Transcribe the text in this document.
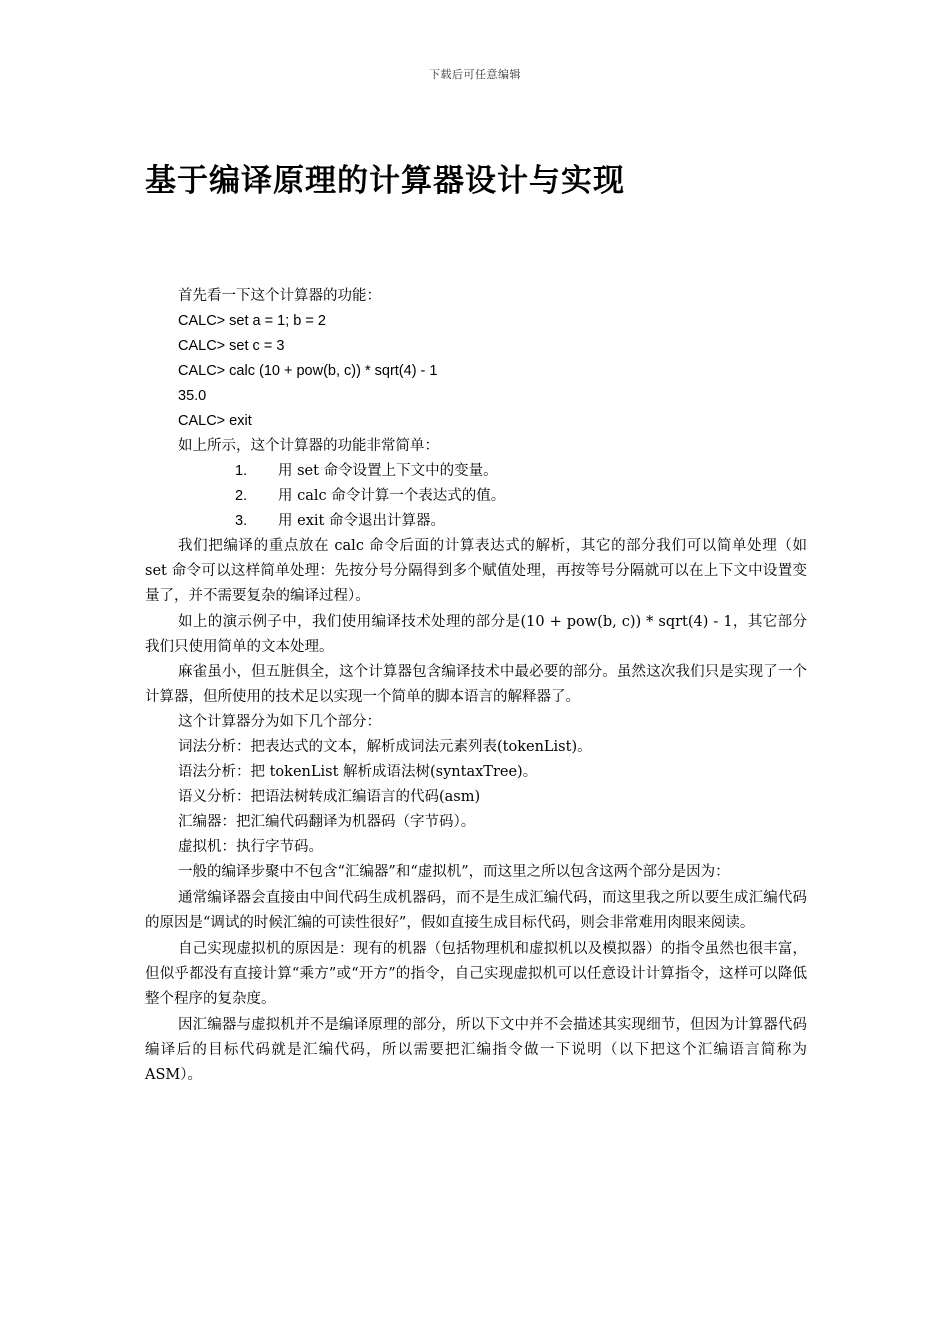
下载后可任意编辑
基于编译原理的计算器设计与实现

首先看一下这个计算器的功能：

CALC> set a = 1; b = 2

CALC> set c = 3

CALC> calc (10 + pow(b, c)) * sqrt(4) - 1

35.0

CALC> exit

如上所示，这个计算器的功能非常简单：

1.	用 set 命令设置上下文中的变量。
2.	用 calc 命令计算一个表达式的值。
3.	用 exit 命令退出计算器。

我们把编译的重点放在 calc 命令后面的计算表达式的解析，其它的部分我们可以简单处理（如 set 命令可以这样简单处理：先按分号分隔得到多个赋值处理，再按等号分隔就可以在上下文中设置变量了，并不需要复杂的编译过程）。

如上的演示例子中，我们使用编译技术处理的部分是(10 + pow(b, c)) * sqrt(4) - 1，其它部分我们只使用简单的文本处理。

麻雀虽小，但五脏俱全，这个计算器包含编译技术中最必要的部分。虽然这次我们只是实现了一个计算器，但所使用的技术足以实现一个简单的脚本语言的解释器了。

这个计算器分为如下几个部分：

词法分析：把表达式的文本，解析成词法元素列表(tokenList)。

语法分析：把 tokenList 解析成语法树(syntaxTree)。

语义分析：把语法树转成汇编语言的代码(asm)

汇编器：把汇编代码翻译为机器码（字节码）。

虚拟机：执行字节码。

一般的编译步聚中不包含“汇编器”和“虚拟机”，而这里之所以包含这两个部分是因为：

通常编译器会直接由中间代码生成机器码，而不是生成汇编代码，而这里我之所以要生成汇编代码的原因是“调试的时候汇编的可读性很好”，假如直接生成目标代码，则会非常难用肉眼来阅读。

自己实现虚拟机的原因是：现有的机器（包括物理机和虚拟机以及模拟器）的指令虽然也很丰富，但似乎都没有直接计算“乘方”或“开方”的指令，自己实现虚拟机可以任意设计计算指令，这样可以降低整个程序的复杂度。

因汇编器与虚拟机并不是编译原理的部分，所以下文中并不会描述其实现细节，但因为计算器代码编译后的目标代码就是汇编代码，所以需要把汇编指令做一下说明（以下把这个汇编语言简称为 ASM）。
